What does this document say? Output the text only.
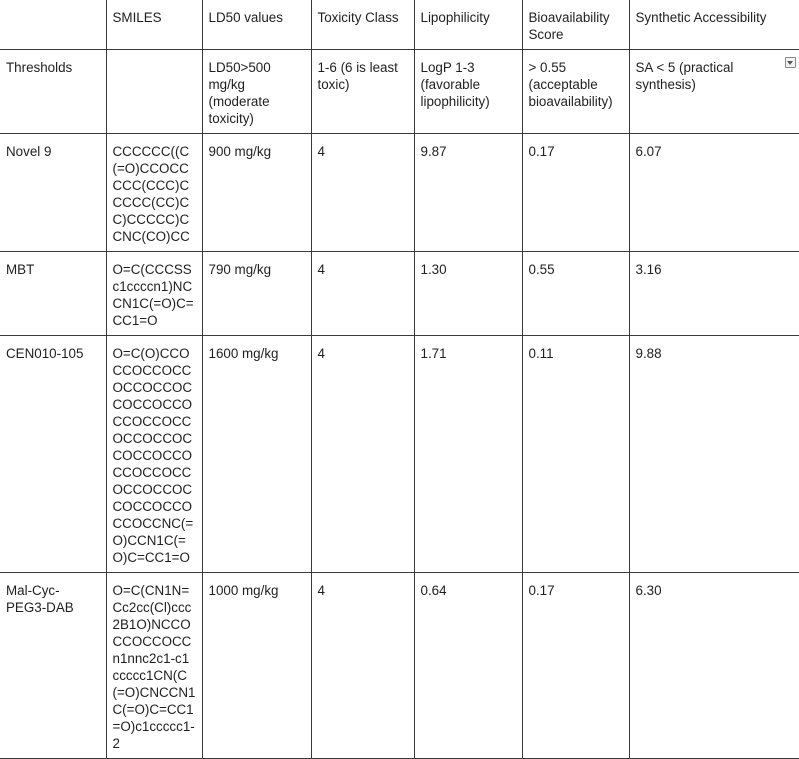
	SMILES	LD50 values	Toxicity Class	Lipophilicity	Bioavailability Score	Synthetic Accessibility
Thresholds		LD50>500 mg/kg (moderate toxicity)	1-6 (6 is least toxic)	LogP 1-3 (favorable lipophilicity)	> 0.55 (acceptable bioavailability)	SA < 5 (practical synthesis)

Novel 9	CCCCCC((C(=O)CCOCCCCC(CCC)CCCCC(CC)CC)CCCCC)CCNC(CO)CC	900 mg/kg	4	9.87	0.17	6.07
MBT	O=C(CCCSSc1ccccn1)NCCN1C(=O)C=CC1=O	790 mg/kg	4	1.30	0.55	3.16
CEN010-105	O=C(O)CCOCCOCCOCCOCCOCCOCCOCCOCCOCCOCCOCCOCCOCCOCCOCCOCCOCCOCCOCCOCCOCCOCCOCCOCCOCCOCCNC(=O)CCN1C(=O)C=CC1=O	1600 mg/kg	4	1.71	0.11	9.88
Mal-Cyc-PEG3-DAB	O=C(CN1N=Cc2cc(Cl)ccc2B1O)NCCOCCOCCOCCn1nnc2c1-c1ccccc1CN(C(=O)CNCCN1C(=O)C=CC1=O)c1ccccc1-2	1000 mg/kg	4	0.64	0.17	6.30
